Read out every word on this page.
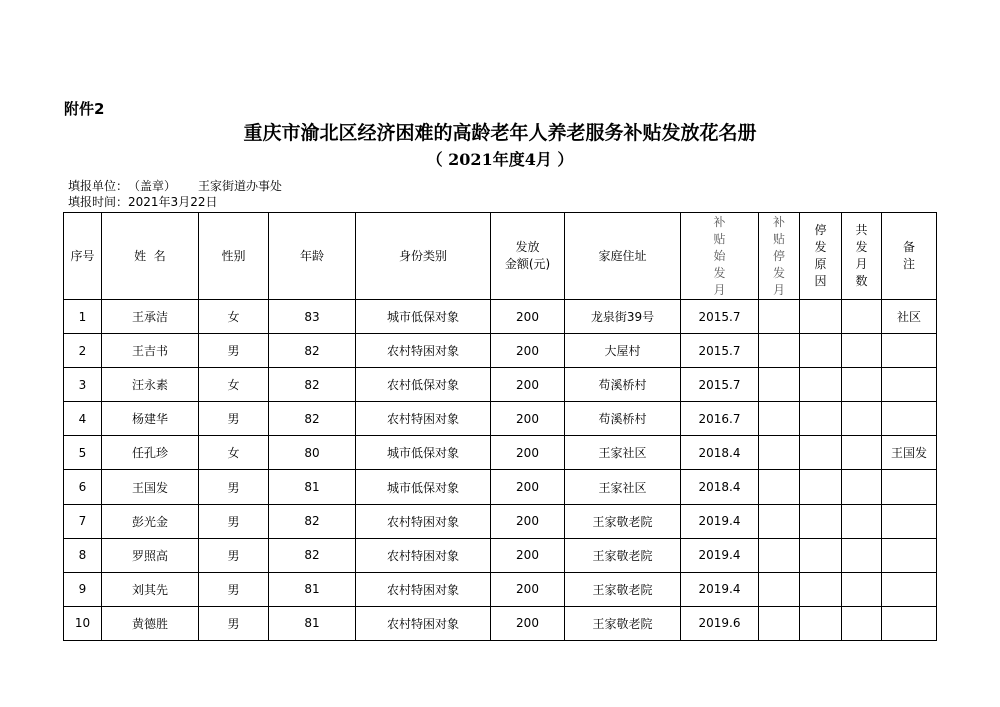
附件2
重庆市渝北区经济困难的高龄老年人养老服务补贴发放花名册
（ 2021年度4月 ）
填报单位： （盖章） 王家街道办事处
填报时间：2021年3月22日
序号	姓  名	性别	年龄	身份类别	发放
金额(元)	家庭住址	补
贴
始
发
月	补
贴
停
发
月	停
发
原
因	共
发
月
数	备
注

1	王承洁	女	83	城市低保对象	200	龙泉街39号	2015.7				社区
2	王吉书	男	82	农村特困对象	200	大屋村	2015.7				
3	汪永素	女	82	农村低保对象	200	苟溪桥村	2015.7				
4	杨建华	男	82	农村特困对象	200	苟溪桥村	2016.7				
5	任孔珍	女	80	城市低保对象	200	王家社区	2018.4				王国发
6	王国发	男	81	城市低保对象	200	王家社区	2018.4				
7	彭光金	男	82	农村特困对象	200	王家敬老院	2019.4				
8	罗照高	男	82	农村特困对象	200	王家敬老院	2019.4				
9	刘其先	男	81	农村特困对象	200	王家敬老院	2019.4				
10	黄德胜	男	81	农村特困对象	200	王家敬老院	2019.6				
